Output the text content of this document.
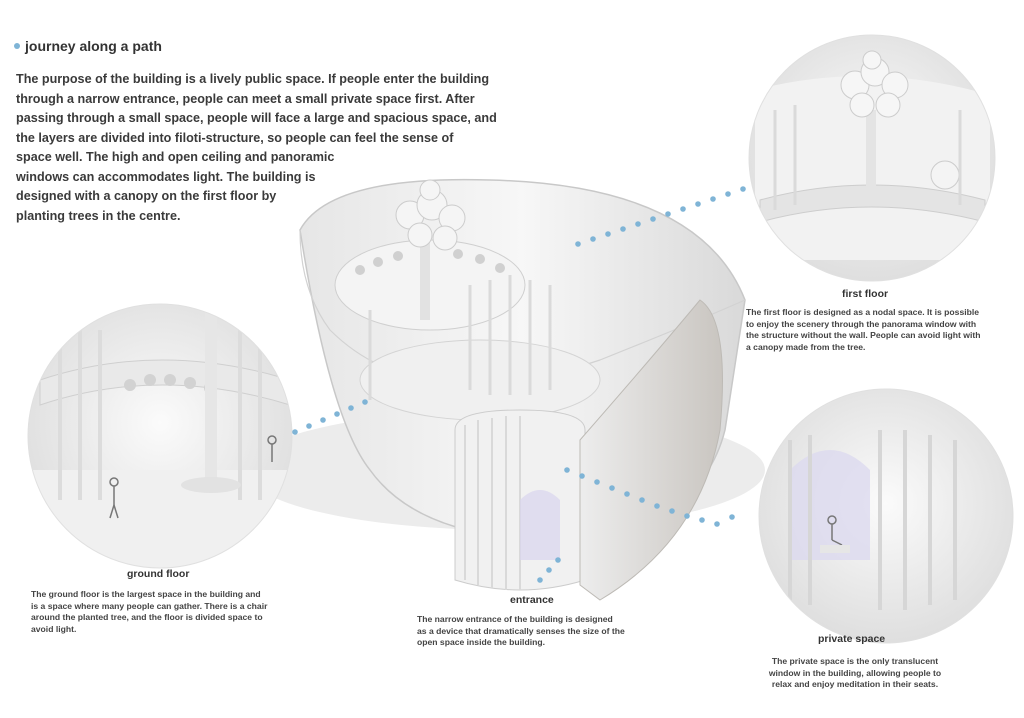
journey along a path
The purpose of the building is a lively public space. If people enter the building
through a narrow entrance, people can meet a small private space first. After
passing through a small space, people will face a large and spacious space, and
the layers are divided into filoti-structure, so people can feel the sense of
space well. The high and open ceiling and panoramic
windows can accommodates light. The building is
designed with a canopy on the first floor by
planting trees in the centre.
first floor
The first floor is designed as a nodal space. It is possible
to enjoy the scenery through the panorama window with
the structure without the wall. People can avoid light with
a canopy made from the tree.
ground floor
The ground floor is the largest space in the building and
is a space where many people can gather. There is a chair
around the planted tree, and the floor is divided space to
avoid light.
entrance
The narrow entrance of the building is designed
as a device that dramatically senses the size of the
open space inside the building.	private space
The private space is the only translucent
window in the building, allowing people to
relax and enjoy meditation in their seats.
